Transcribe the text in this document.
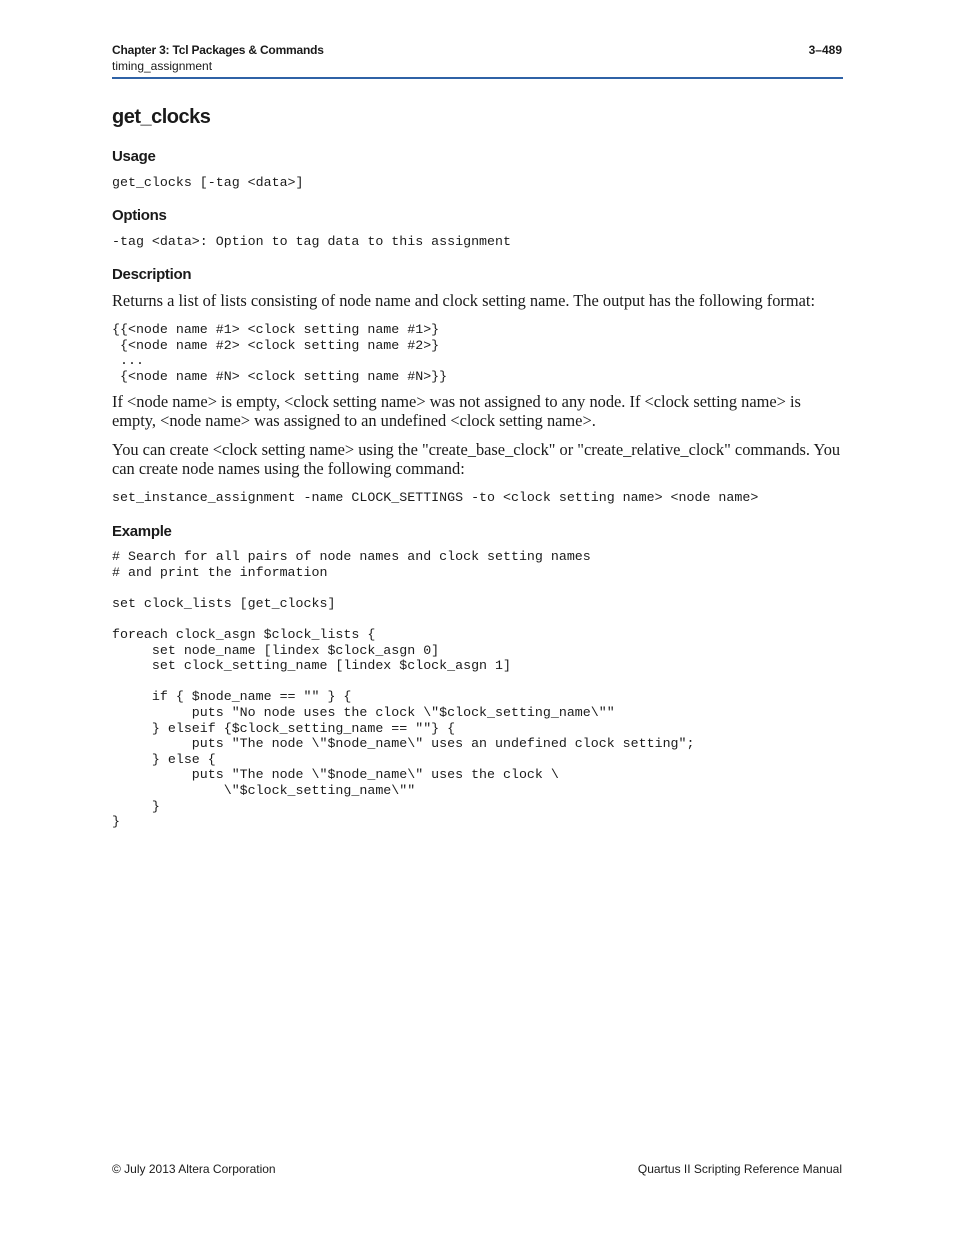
Chapter 3: Tcl Packages & Commands
timing_assignment
3–489
get_clocks
Usage
get_clocks [-tag <data>]
Options
-tag <data>: Option to tag data to this assignment
Description

Returns a list of lists consisting of node name and clock setting name. The output has the following format:

{{<node name #1> <clock setting name #1>}
{<node name #2> <clock setting name #2>}
...
{<node name #N> <clock setting name #N>}}

If <node name> is empty, <clock setting name> was not assigned to any node. If <clock setting name> is empty, <node name> was assigned to an undefined <clock setting name>.

You can create <clock setting name> using the "create_base_clock" or "create_relative_clock" commands. You can create node names using the following command:

set_instance_assignment -name CLOCK_SETTINGS -to <clock setting name> <node name>
Example
# Search for all pairs of node names and clock setting names
# and print the information

set clock_lists [get_clocks]

foreach clock_asgn $clock_lists {
set node_name [lindex $clock_asgn 0]
set clock_setting_name [lindex $clock_asgn 1]

if { $node_name == "" } {
puts "No node uses the clock \"$clock_setting_name\""
} elseif {$clock_setting_name == ""} {
puts "The node \"$node_name\" uses an undefined clock setting";
} else {
puts "The node \"$node_name\" uses the clock \
\"$clock_setting_name\""
}
}
© July 2013 Altera Corporation	Quartus II Scripting Reference Manual
